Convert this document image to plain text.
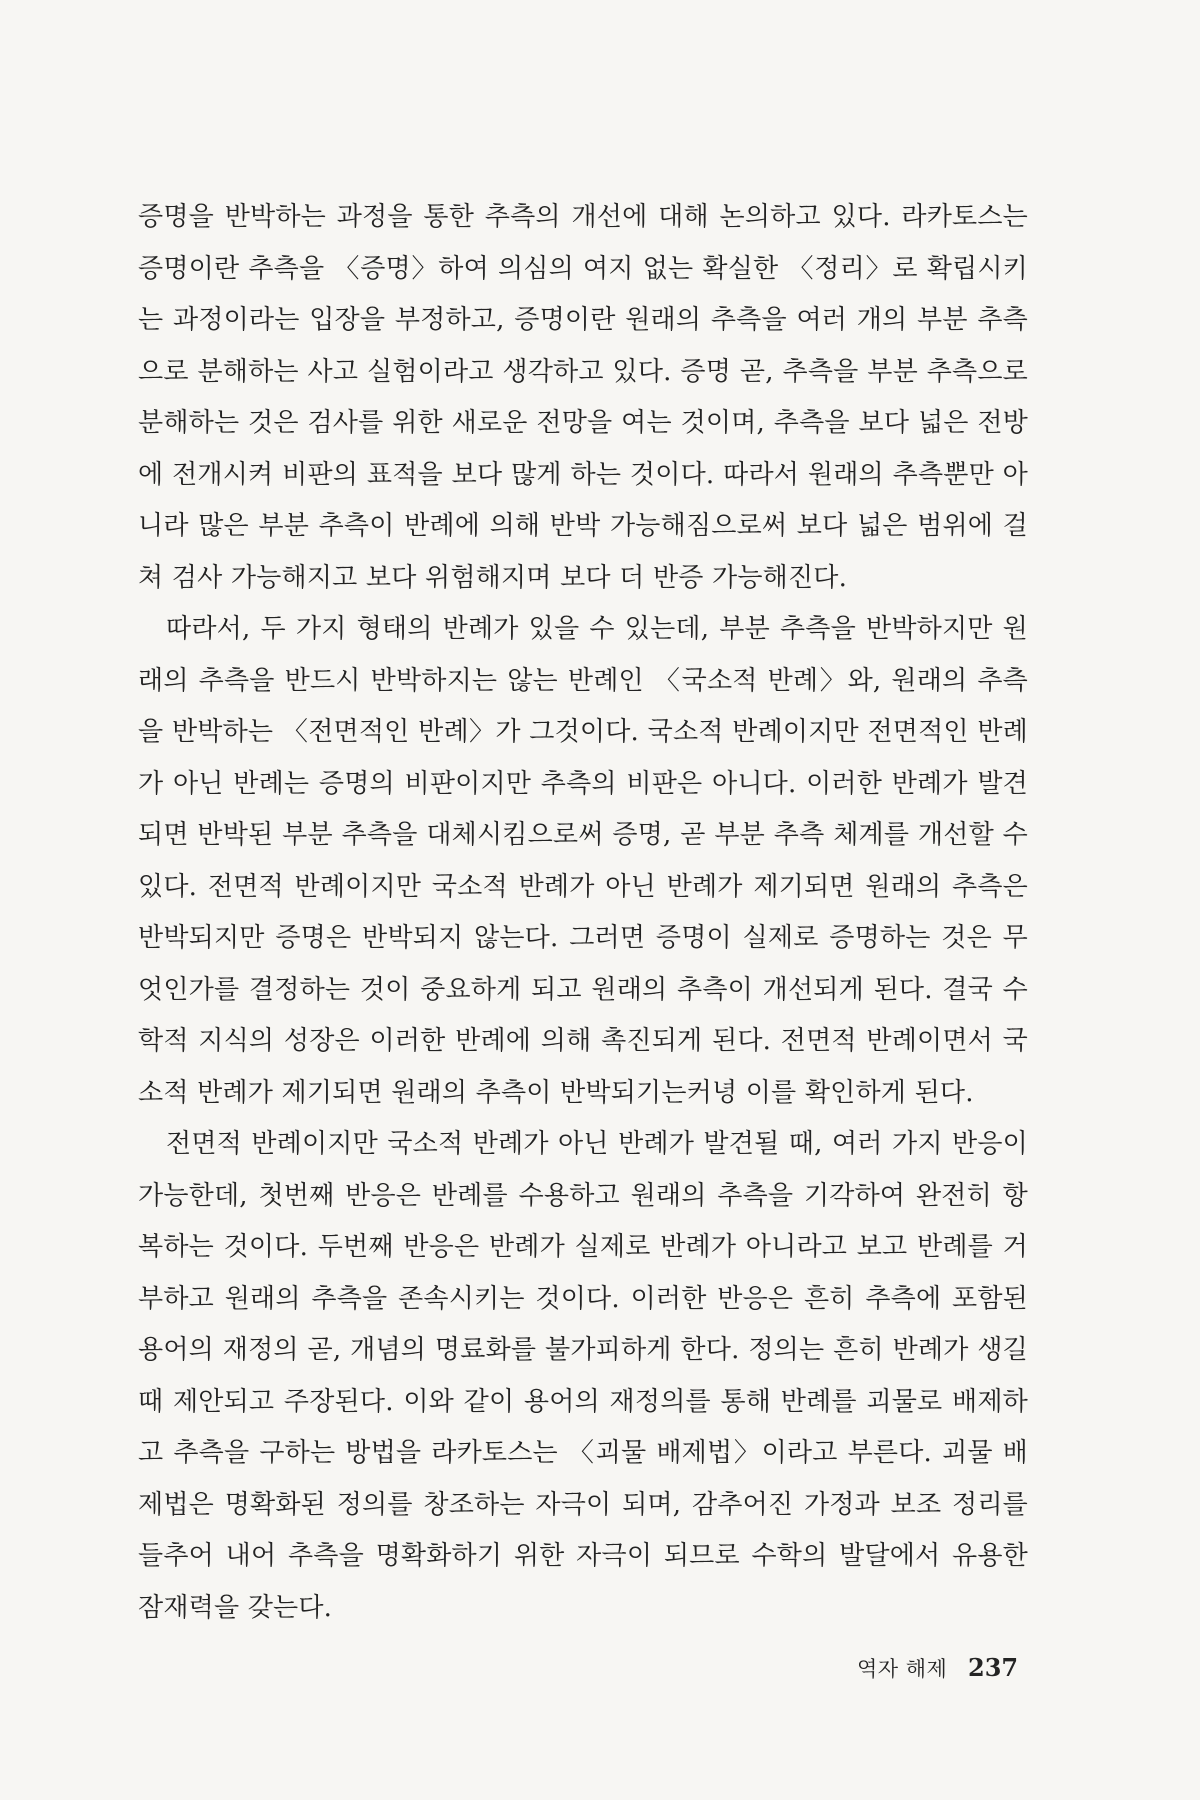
증명을 반박하는 과정을 통한 추측의 개선에 대해 논의하고 있다. 라카토스는 증명이란 추측을 〈증명〉하여 의심의 여지 없는 확실한 〈정리〉로 확립시키는 과정이라는 입장을 부정하고, 증명이란 원래의 추측을 여러 개의 부분 추측으로 분해하는 사고 실험이라고 생각하고 있다. 증명 곧, 추측을 부분 추측으로 분해하는 것은 검사를 위한 새로운 전망을 여는 것이며, 추측을 보다 넓은 전방에 전개시켜 비판의 표적을 보다 많게 하는 것이다. 따라서 원래의 추측뿐만 아니라 많은 부분 추측이 반례에 의해 반박 가능해짐으로써 보다 넓은 범위에 걸쳐 검사 가능해지고 보다 위험해지며 보다 더 반증 가능해진다.

따라서, 두 가지 형태의 반례가 있을 수 있는데, 부분 추측을 반박하지만 원래의 추측을 반드시 반박하지는 않는 반례인 〈국소적 반례〉와, 원래의 추측을 반박하는 〈전면적인 반례〉가 그것이다. 국소적 반례이지만 전면적인 반례가 아닌 반례는 증명의 비판이지만 추측의 비판은 아니다. 이러한 반례가 발견되면 반박된 부분 추측을 대체시킴으로써 증명, 곧 부분 추측 체계를 개선할 수 있다. 전면적 반례이지만 국소적 반례가 아닌 반례가 제기되면 원래의 추측은 반박되지만 증명은 반박되지 않는다. 그러면 증명이 실제로 증명하는 것은 무엇인가를 결정하는 것이 중요하게 되고 원래의 추측이 개선되게 된다. 결국 수학적 지식의 성장은 이러한 반례에 의해 촉진되게 된다. 전면적 반례이면서 국소적 반례가 제기되면 원래의 추측이 반박되기는커녕 이를 확인하게 된다.

전면적 반례이지만 국소적 반례가 아닌 반례가 발견될 때, 여러 가지 반응이 가능한데, 첫번째 반응은 반례를 수용하고 원래의 추측을 기각하여 완전히 항복하는 것이다. 두번째 반응은 반례가 실제로 반례가 아니라고 보고 반례를 거부하고 원래의 추측을 존속시키는 것이다. 이러한 반응은 흔히 추측에 포함된 용어의 재정의 곧, 개념의 명료화를 불가피하게 한다. 정의는 흔히 반례가 생길 때 제안되고 주장된다. 이와 같이 용어의 재정의를 통해 반례를 괴물로 배제하고 추측을 구하는 방법을 라카토스는 〈괴물 배제법〉이라고 부른다. 괴물 배제법은 명확화된 정의를 창조하는 자극이 되며, 감추어진 가정과 보조 정리를 들추어 내어 추측을 명확화하기 위한 자극이 되므로 수학의 발달에서 유용한 잠재력을 갖는다.

역자 해제 237
